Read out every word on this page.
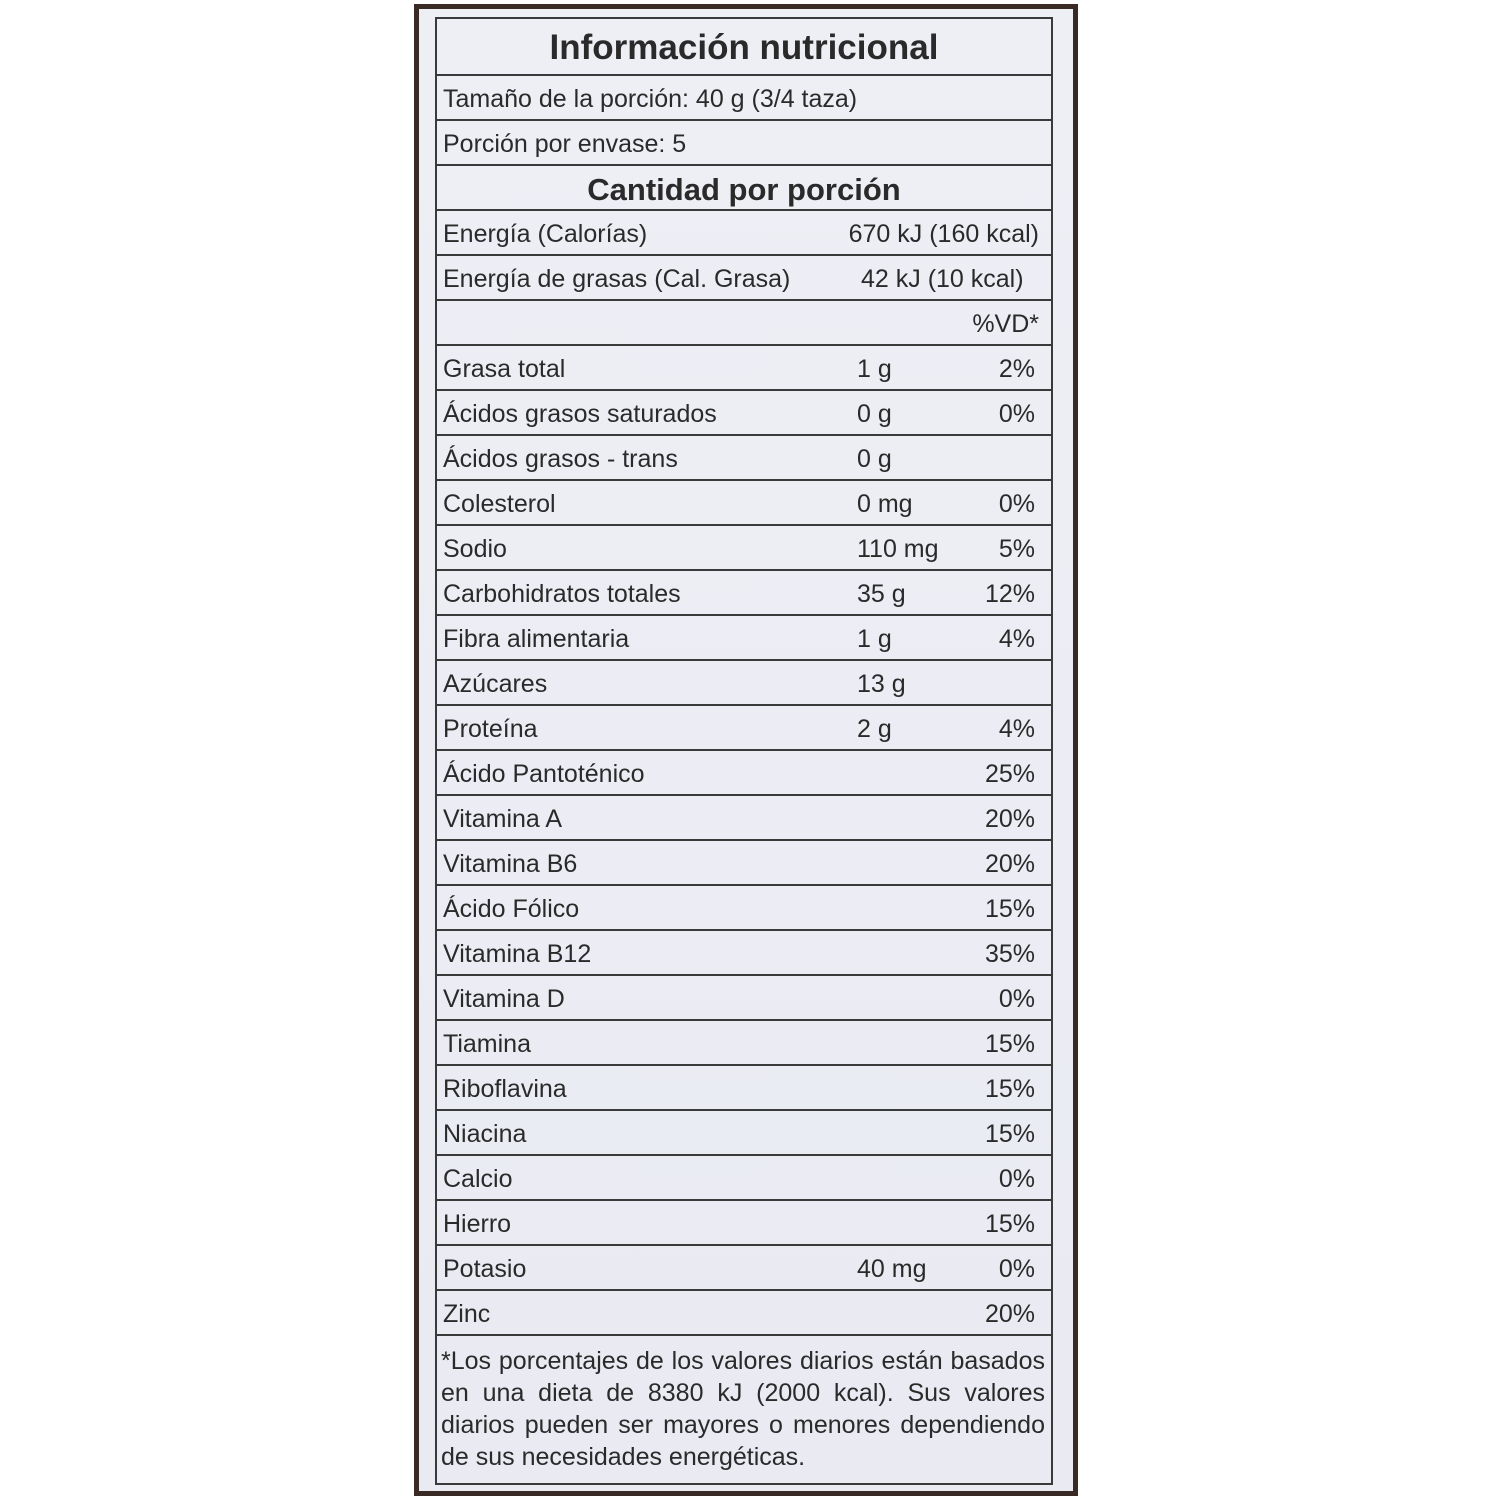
Información nutricional
Tamaño de la porción: 40 g (3/4 taza)
Porción por envase: 5
Cantidad por porción
Energía (Calorías)	670 kJ (160 kcal)
Energía de grasas (Cal. Grasa)	42 kJ (10 kcal)
%VD*
Grasa total	1 g	2%
Ácidos grasos saturados	0 g	0%
Ácidos grasos - trans	0 g
Colesterol	0 mg	0%
Sodio	110 mg 5%
Carbohidratos totales	35 g	12%
Fibra alimentaria	1 g	4%
Azúcares	13 g
Proteína	2 g	4%
Ácido Pantoténico	25%
Vitamina A	20%
Vitamina B6	20%
Ácido Fólico	15%
Vitamina B12	35%
Vitamina D	0%
Tiamina	15%
Riboflavina	15%
Niacina	15%
Calcio	0%
Hierro	15%
Potasio	40 mg	0%
Zinc	20%
*Los porcentajes de los valores diarios están basados en una dieta de 8380 kJ (2000 kcal). Sus valores diarios pueden ser mayores o menores dependiendo de sus necesidades energéticas.
